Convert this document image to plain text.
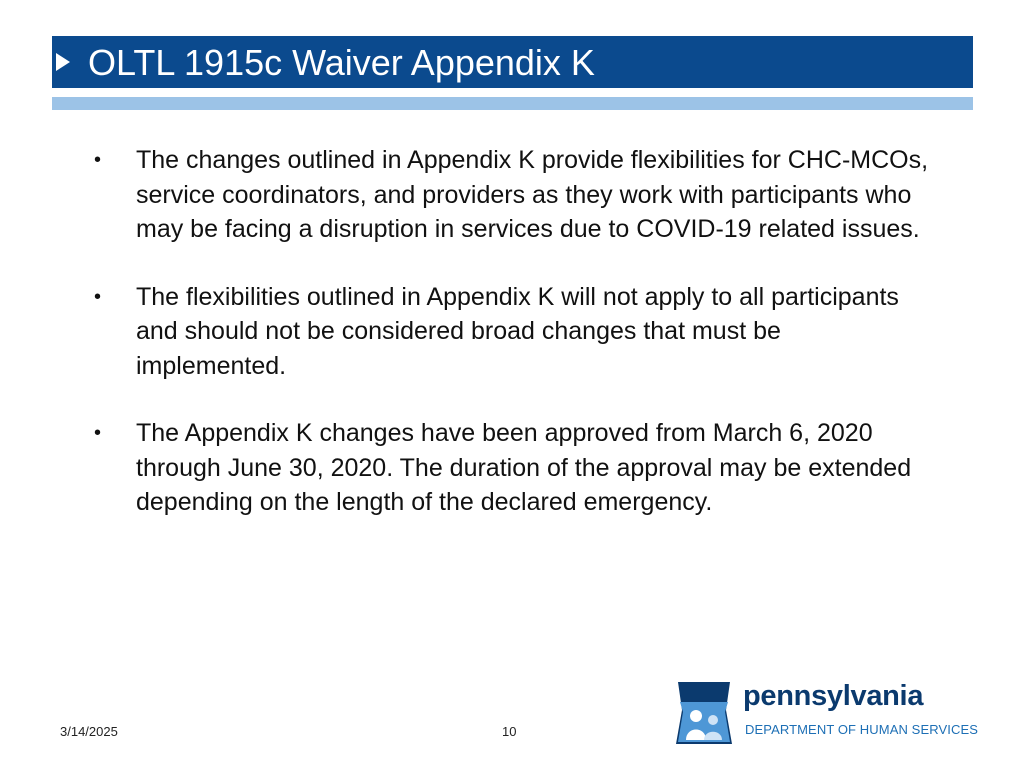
OLTL 1915c Waiver Appendix K
•	The changes outlined in Appendix K provide flexibilities for CHC-MCOs, service coordinators, and providers as they work with participants who may be facing a disruption in services due to COVID-19 related issues.
•	The flexibilities outlined in Appendix K will not apply to all participants and should not be considered broad changes that must be implemented.
•	The Appendix K changes have been approved from March 6, 2020 through June 30, 2020. The duration of the approval may be extended depending on the length of the declared emergency.
3/14/2025	10
pennsylvania
DEPARTMENT OF HUMAN SERVICES
